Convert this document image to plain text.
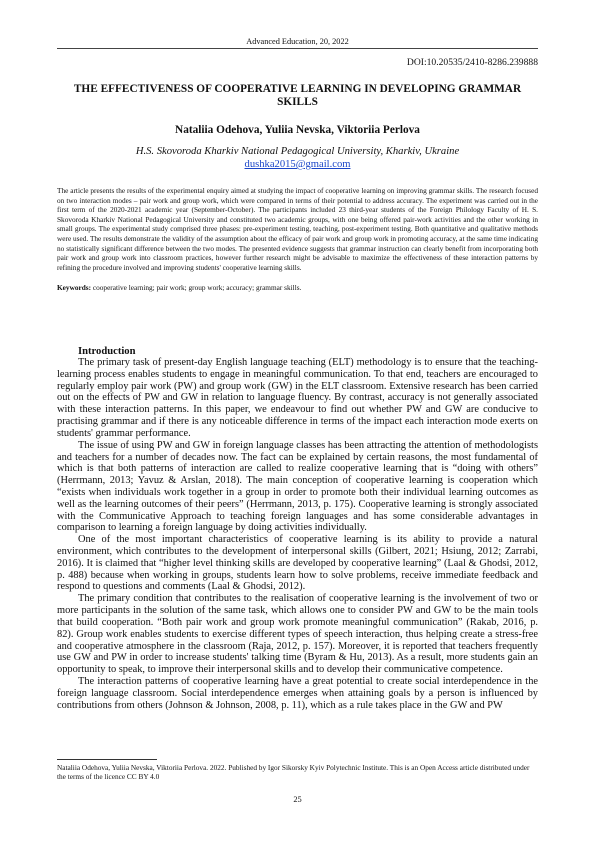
Advanced Education, 20, 2022
DOI:10.20535/2410-8286.239888
THE EFFECTIVENESS OF COOPERATIVE LEARNING IN DEVELOPING GRAMMAR
SKILLS
Nataliia Odehova, Yuliia Nevska, Viktoriia Perlova
H.S. Skovoroda Kharkiv National Pedagogical University, Kharkiv, Ukraine
dushka2015@gmail.com

The article presents the results of the experimental enquiry aimed at studying the impact of cooperative learning on improving grammar skills. The research focused on two interaction modes – pair work and group work, which were compared in terms of their potential to address accuracy. The experiment was carried out in the first term of the 2020-2021 academic year (September-October). The participants included 23 third-year students of the Foreign Philology Faculty of H. S. Skovoroda Kharkiv National Pedagogical University and constituted two academic groups, with one being offered pair-work activities and the other working in small groups. The experimental study comprised three phases: pre-experiment testing, teaching, post-experiment testing. Both quantitative and qualitative methods were used. The results demonstrate the validity of the assumption about the efficacy of pair work and group work in promoting accuracy, at the same time indicating no statistically significant difference between the two modes. The presented evidence suggests that grammar instruction can clearly benefit from incorporating both pair work and group work into classroom practices, however further research might be advisable to maximize the effectiveness of these interaction patterns by refining the procedure involved and improving students' cooperative learning skills.

Keywords: cooperative learning; pair work; group work; accuracy; grammar skills.
Introduction

The primary task of present-day English language teaching (ELT) methodology is to ensure that the teaching-learning process enables students to engage in meaningful communication. To that end, teachers are encouraged to regularly employ pair work (PW) and group work (GW) in the ELT classroom. Extensive research has been carried out on the effects of PW and GW in relation to language fluency. By contrast, accuracy is not generally associated with these interaction patterns. In this paper, we endeavour to find out whether PW and GW are conducive to practising grammar and if there is any noticeable difference in terms of the impact each interaction mode exerts on students' grammar performance.

The issue of using PW and GW in foreign language classes has been attracting the attention of methodologists and teachers for a number of decades now. The fact can be explained by certain reasons, the most fundamental of which is that both patterns of interaction are called to realize cooperative learning that is “doing with others” (Herrmann, 2013; Yavuz & Arslan, 2018). The main conception of cooperative learning is cooperation which “exists when individuals work together in a group in order to promote both their individual learning outcomes as well as the learning outcomes of their peers” (Herrmann, 2013, p. 175). Cooperative learning is strongly associated with the Communicative Approach to teaching foreign languages and has some considerable advantages in comparison to learning a foreign language by doing activities individually.

One of the most important characteristics of cooperative learning is its ability to provide a natural environment, which contributes to the development of interpersonal skills (Gilbert, 2021; Hsiung, 2012; Zarrabi, 2016). It is claimed that “higher level thinking skills are developed by cooperative learning” (Laal & Ghodsi, 2012, p. 488) because when working in groups, students learn how to solve problems, receive immediate feedback and respond to questions and comments (Laal & Ghodsi, 2012).

The primary condition that contributes to the realisation of cooperative learning is the involvement of two or more participants in the solution of the same task, which allows one to consider PW and GW to be the main tools that build cooperation. “Both pair work and group work promote meaningful communication” (Rakab, 2016, p. 82). Group work enables students to exercise different types of speech interaction, thus helping create a stress-free and cooperative atmosphere in the classroom (Raja, 2012, p. 157). Moreover, it is reported that teachers frequently use GW and PW in order to increase students' talking time (Byram & Hu, 2013). As a result, more students gain an opportunity to speak, to improve their interpersonal skills and to develop their communicative competence.

The interaction patterns of cooperative learning have a great potential to create social interdependence in the foreign language classroom. Social interdependence emerges when attaining goals by a person is influenced by contributions from others (Johnson & Johnson, 2008, p. 11), which as a rule takes place in the GW and PW

Nataliia Odehova, Yuliia Nevska, Viktoriia Perlova. 2022. Published by Igor Sikorsky Kyiv Polytechnic Institute. This is an Open Access article distributed under the terms of the licence CC BY 4.0

25
